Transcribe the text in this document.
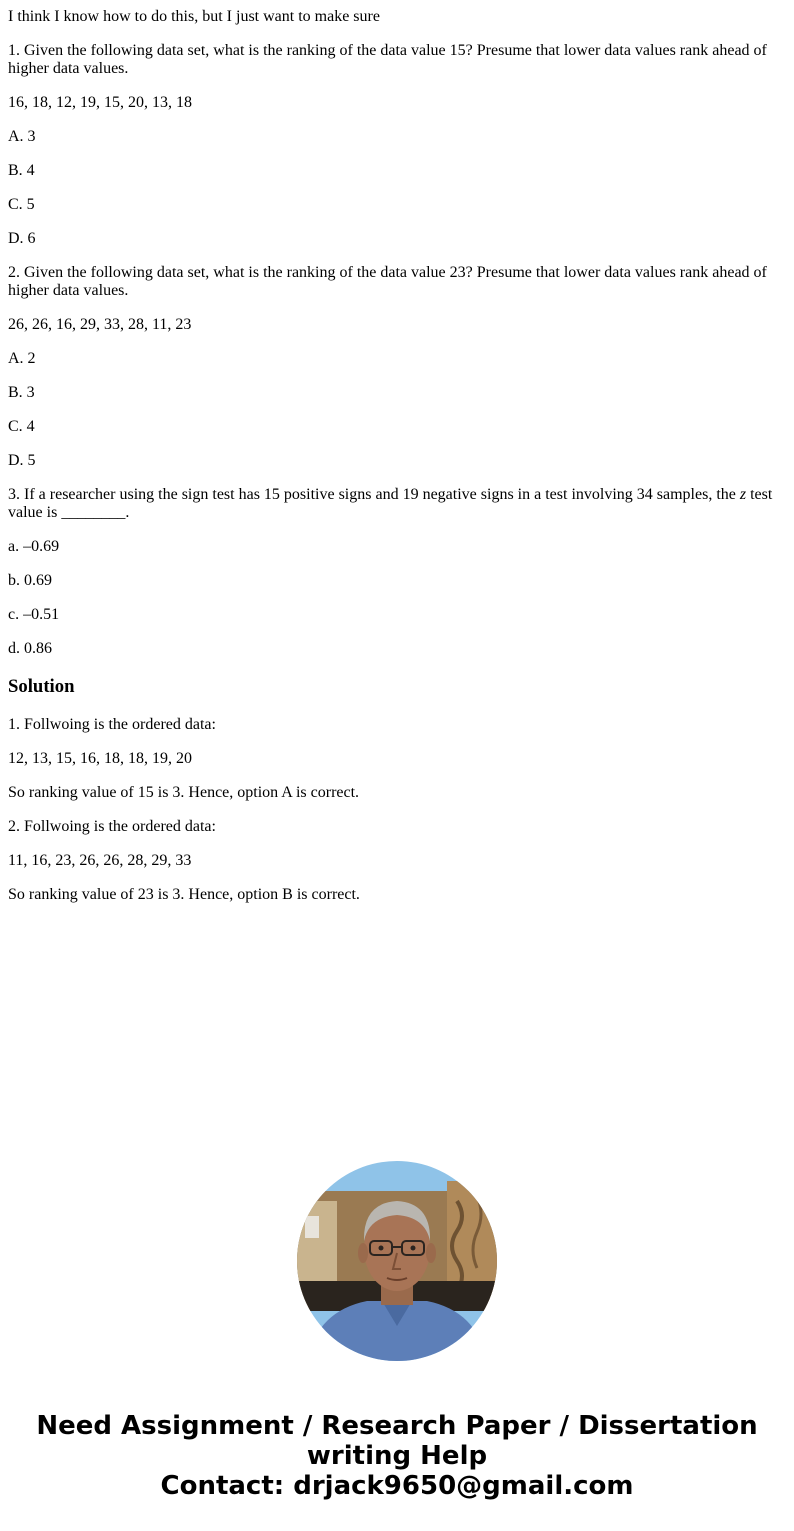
I think I know how to do this, but I just want to make sure

1. Given the following data set, what is the ranking of the data value 15? Presume that lower data values rank ahead of higher data values.

16, 18, 12, 19, 15, 20, 13, 18

A. 3

B. 4

C. 5

D. 6

2. Given the following data set, what is the ranking of the data value 23? Presume that lower data values rank ahead of higher data values.

26, 26, 16, 29, 33, 28, 11, 23

A. 2

B. 3

C. 4

D. 5

3. If a researcher using the sign test has 15 positive signs and 19 negative signs in a test involving 34 samples, the z test value is ________.

a. –0.69

b. 0.69

c. –0.51

d. 0.86

Solution

1. Follwoing is the ordered data:

12, 13, 15, 16, 18, 18, 19, 20

So ranking value of 15 is 3. Hence, option A is correct.

2. Follwoing is the ordered data:

11, 16, 23, 26, 26, 28, 29, 33

So ranking value of 23 is 3. Hence, option B is correct.

Need Assignment / Research Paper / Dissertation
writing Help
Contact: drjack9650@gmail.com
